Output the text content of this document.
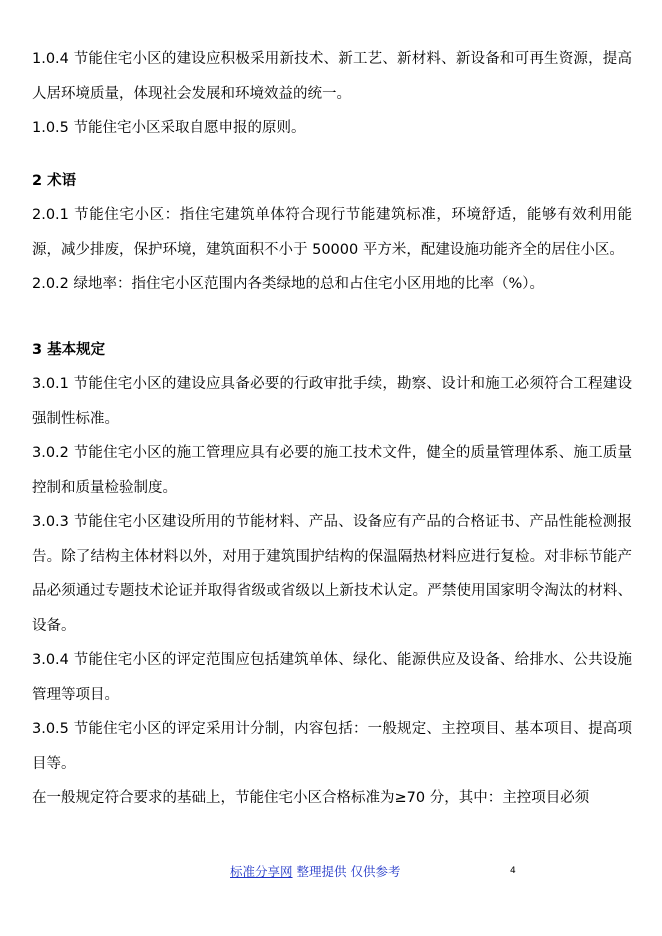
1.0.4 节能住宅小区的建设应积极采用新技术、新工艺、新材料、新设备和可再生资源，提高人居环境质量，体现社会发展和环境效益的统一。

1.0.5 节能住宅小区采取自愿申报的原则。

2 术语

2.0.1 节能住宅小区：指住宅建筑单体符合现行节能建筑标准，环境舒适，能够有效利用能源，减少排废，保护环境，建筑面积不小于 50000 平方米，配建设施功能齐全的居住小区。

2.0.2 绿地率：指住宅小区范围内各类绿地的总和占住宅小区用地的比率（%）。

3 基本规定

3.0.1 节能住宅小区的建设应具备必要的行政审批手续，勘察、设计和施工必须符合工程建设强制性标准。

3.0.2 节能住宅小区的施工管理应具有必要的施工技术文件，健全的质量管理体系、施工质量控制和质量检验制度。

3.0.3 节能住宅小区建设所用的节能材料、产品、设备应有产品的合格证书、产品性能检测报告。除了结构主体材料以外，对用于建筑围护结构的保温隔热材料应进行复检。对非标节能产品必须通过专题技术论证并取得省级或省级以上新技术认定。严禁使用国家明令淘汰的材料、设备。

3.0.4 节能住宅小区的评定范围应包括建筑单体、绿化、能源供应及设备、给排水、公共设施管理等项目。

3.0.5 节能住宅小区的评定采用计分制，内容包括：一般规定、主控项目、基本项目、提高项目等。

在一般规定符合要求的基础上，节能住宅小区合格标准为≥70 分，其中：主控项目必须

标准分享网 整理提供 仅供参考	4
